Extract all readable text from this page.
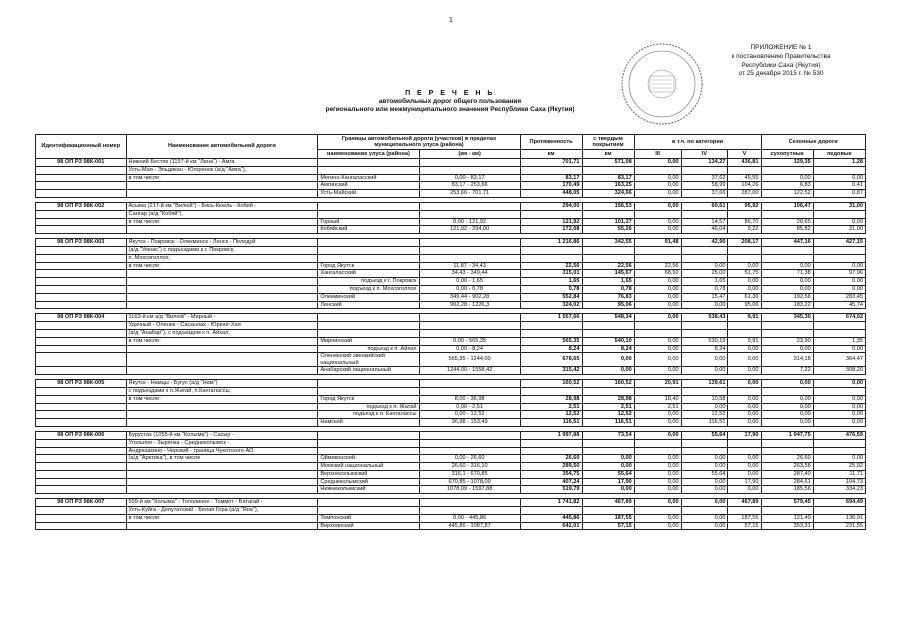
1
ПРИЛОЖЕНИЕ № 1
к постановлению Правительства
Республики Саха (Якутия)
от 25 декабря 2015 г. № 530
П Е Р Е Ч Е Н Ь
автомобильных дорог общего пользования
регионального или межмуниципального значения Республики Саха (Якутия)
Идентификационный номер	Наименование автомобильной дороги	Границы автомобильной дороги (участков) в пределах муниципального улуса (района)		Протяженность	с твердым покрытием	в т.ч. по категории			Сезонные дороги	
		наименование улуса (района)	(км - км)	км	км	III	IV	V	сухопутные	ледовые
98 ОП РЗ 98К-001	Нижний Бестях (1157-й км "Лена") - Амга			701,71	571,08	0,00	134,27	436,81	129,35	1,28
	Усть-Мая - Эльдикан - Югоренок (а/д "Амга"),									
	в том числе:	Мегино-Кангаласский	0,00 - 83,17	83,17	83,17	0,00	37,62	45,55	0,00	0,00
		Амгинский	83,17 - 253,66	170,49	163,25	0,00	58,99	104,26	6,83	0,41
		Усть-Майский	253,66 - 701,71	448,05	324,66	0,00	37,66	287,00	122,52	0,87

98 ОП РЗ 98К-002	Асыма (217-й км "Вилюй") - Бясь-Кюель - Кобяй -			294,00	156,53	0,00	60,61	95,92	106,47	31,00
	Сангар (а/д "Кобяй"),									
	в том числе:	Горный	0,00 - 121,92	121,92	101,27	0,00	14,57	86,70	20,65	0,00
		Кобяйский	121,92 - 294,00	172,08	55,26	0,00	46,04	9,22	85,82	31,00

98 ОП РЗ 98К-003	Якутск - Покровск - Олекминск - Ленск - Пеледуй			1 216,86	342,55	91,48	42,90	208,17	447,16	427,15
	(а/д "Умнас") с подъездами к г. Покровск,									
	п. Мохсоголлох,									
	в том числе:	Город Якутск	11,87 - 34,43	22,56	22,56	22,56	0,00	0,00	0,00	0,00
		Хангаласский	34,43 - 349,44	315,01	145,67	68,92	25,00	51,75	71,38	97,96
		подъезд к г. Покровск	0,00 - 1,65	1,65	1,65	0,00	1,65	0,00	0,00	0,00
		подъезд к п. Мохсоголлох	0,00 - 0,78	0,78	0,78	0,00	0,78	0,00	0,00	0,00
		Олекминский	349,44 - 902,28	552,84	76,83	0,00	15,47	61,36	192,56	283,45
		Ленский	902,28 - 1226,3	324,02	95,06	0,00	0,00	95,06	183,22	45,74

98 ОП РЗ 98К-004	1163-й км а/д "Вилюй" - Мирный -			1 557,66	548,34	0,00	538,43	9,91	345,30	674,02
	Удачный - Оленек - Саскылах - Юрюнг-Хая									
	(а/д "Анабар"), с подъездом к п. Айхал,									
	в том числе:	Мирнинский	0,00 - 565,35	565,35	540,10	0,00	530,19	9,91	23,90	1,35
		подъезд к п. Айхал	0,00 - 8,24	8,24	8,24	0,00	8,24	0,00	0,00	0,00
		Оленекский эвенкийский национальный	565,35 - 1244,00	678,65	0,00	0,00	0,00	0,00	314,18	364,47
		Анабарский национальный	1244,00 - 1558,42	315,42	0,00	0,00	0,00	0,00	7,22	308,20

98 ОП РЗ 98К-005	Якутск - Намцы - Бугус (а/д "Нам")			160,52	160,52	20,91	139,61	0,00	0,00	0,00
	с подъездами к п.Жатай, п.Кангалассы,									
	в том числе:	Город Якутск	8,00 - 36,98	28,98	28,98	18,40	10,58	0,00	0,00	0,00
		подъезд к п. Жатай	0,00 - 2,51	2,51	2,51	2,51	0,00	0,00	0,00	0,00
		подъезд к п. Кангалассы	0,00 - 12,52	12,52	12,52	0,00	12,52	0,00	0,00	0,00
		Намский	36,98 - 153,49	116,51	116,51	0,00	116,51	0,00	0,00	0,00

98 ОП РЗ 98К-006	Бурустах (1055-й км "Колыма") - Сасыр -			1 997,88	73,54	0,00	55,64	17,90	1 047,75	476,59
	Угольное - Зырянка - Среднеколымск -									
	Андрюшкино - Черский - граница Чукотского АО									
	(а/д "Арктика"), в том числе	Оймяконский	0,00 - 26,60	26,60	0,00	0,00	0,00	0,00	26,60	0,00
		Момский национальный	26,60 - 316,10	289,50	0,00	0,00	0,00	0,00	263,58	25,92
		Верхнеколымский	316,1 - 670,85	354,75	55,64	0,00	55,64	0,00	287,40	11,71
		Среднеколымский	670,85 - 1078,09	407,24	17,90	0,00	0,00	17,90	284,61	104,73
		Нижнеколымский	1078,09 - 1597,88	519,79	0,00	0,00	0,00	0,00	185,56	334,23

98 ОП РЗ 98К-007	509-й км "Колыма" - Тополиное - Томмот - Батагай -			1 741,82	467,89	0,00	0,00	467,89	579,45	694,49
	Усть-Куйга - Депутатский - Белая Гора (а/д "Яна"),									
	в том числе:	Томпонский	0,00 - 445,86	445,86	187,55	0,00	0,00	187,55	121,40	136,91
		Верхоянский	445,86 - 1087,87	642,01	57,15	0,00	0,00	57,15	353,31	231,55
